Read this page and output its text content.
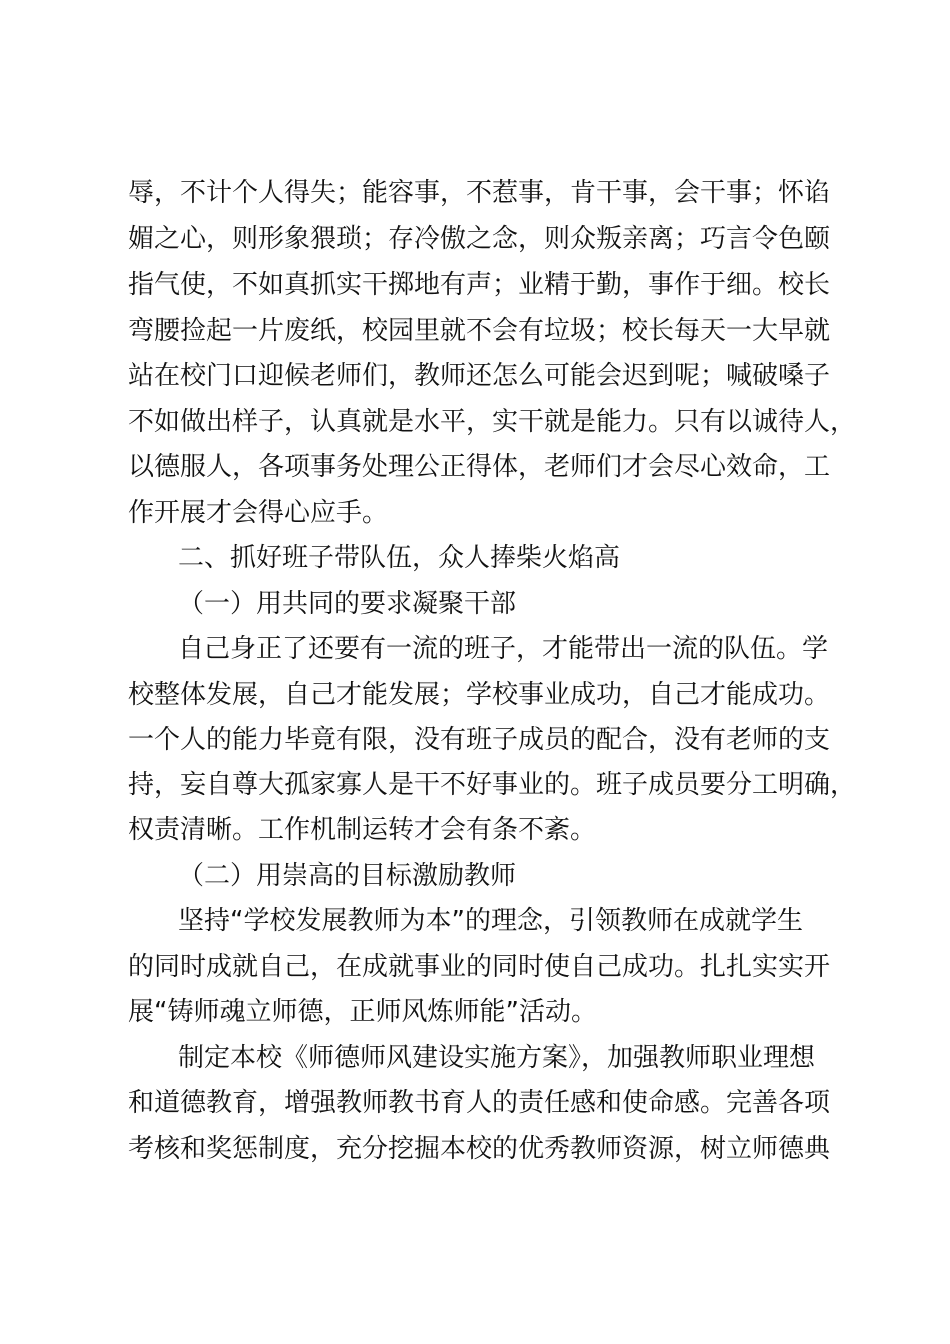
辱，不计个人得失；能容事，不惹事，肯干事，会干事；怀谄
媚之心，则形象猥琐；存冷傲之念，则众叛亲离；巧言令色颐
指气使，不如真抓实干掷地有声；业精于勤，事作于细。校长
弯腰捡起一片废纸，校园里就不会有垃圾；校长每天一大早就
站在校门口迎候老师们，教师还怎么可能会迟到呢；喊破嗓子
不如做出样子，认真就是水平，实干就是能力。只有以诚待人，
以德服人，各项事务处理公正得体，老师们才会尽心效命，工
作开展才会得心应手。
二、抓好班子带队伍，众人捧柴火焰高
（一）用共同的要求凝聚干部
自己身正了还要有一流的班子，才能带出一流的队伍。学
校整体发展，自己才能发展；学校事业成功，自己才能成功。
一个人的能力毕竟有限，没有班子成员的配合，没有老师的支
持，妄自尊大孤家寡人是干不好事业的。班子成员要分工明确，
权责清晰。工作机制运转才会有条不紊。
（二）用崇高的目标激励教师
坚持“学校发展教师为本”的理念，引领教师在成就学生
的同时成就自己，在成就事业的同时使自己成功。扎扎实实开
展“铸师魂立师德，正师风炼师能”活动。
制定本校《师德师风建设实施方案》，加强教师职业理想
和道德教育，增强教师教书育人的责任感和使命感。完善各项
考核和奖惩制度，充分挖掘本校的优秀教师资源，树立师德典
